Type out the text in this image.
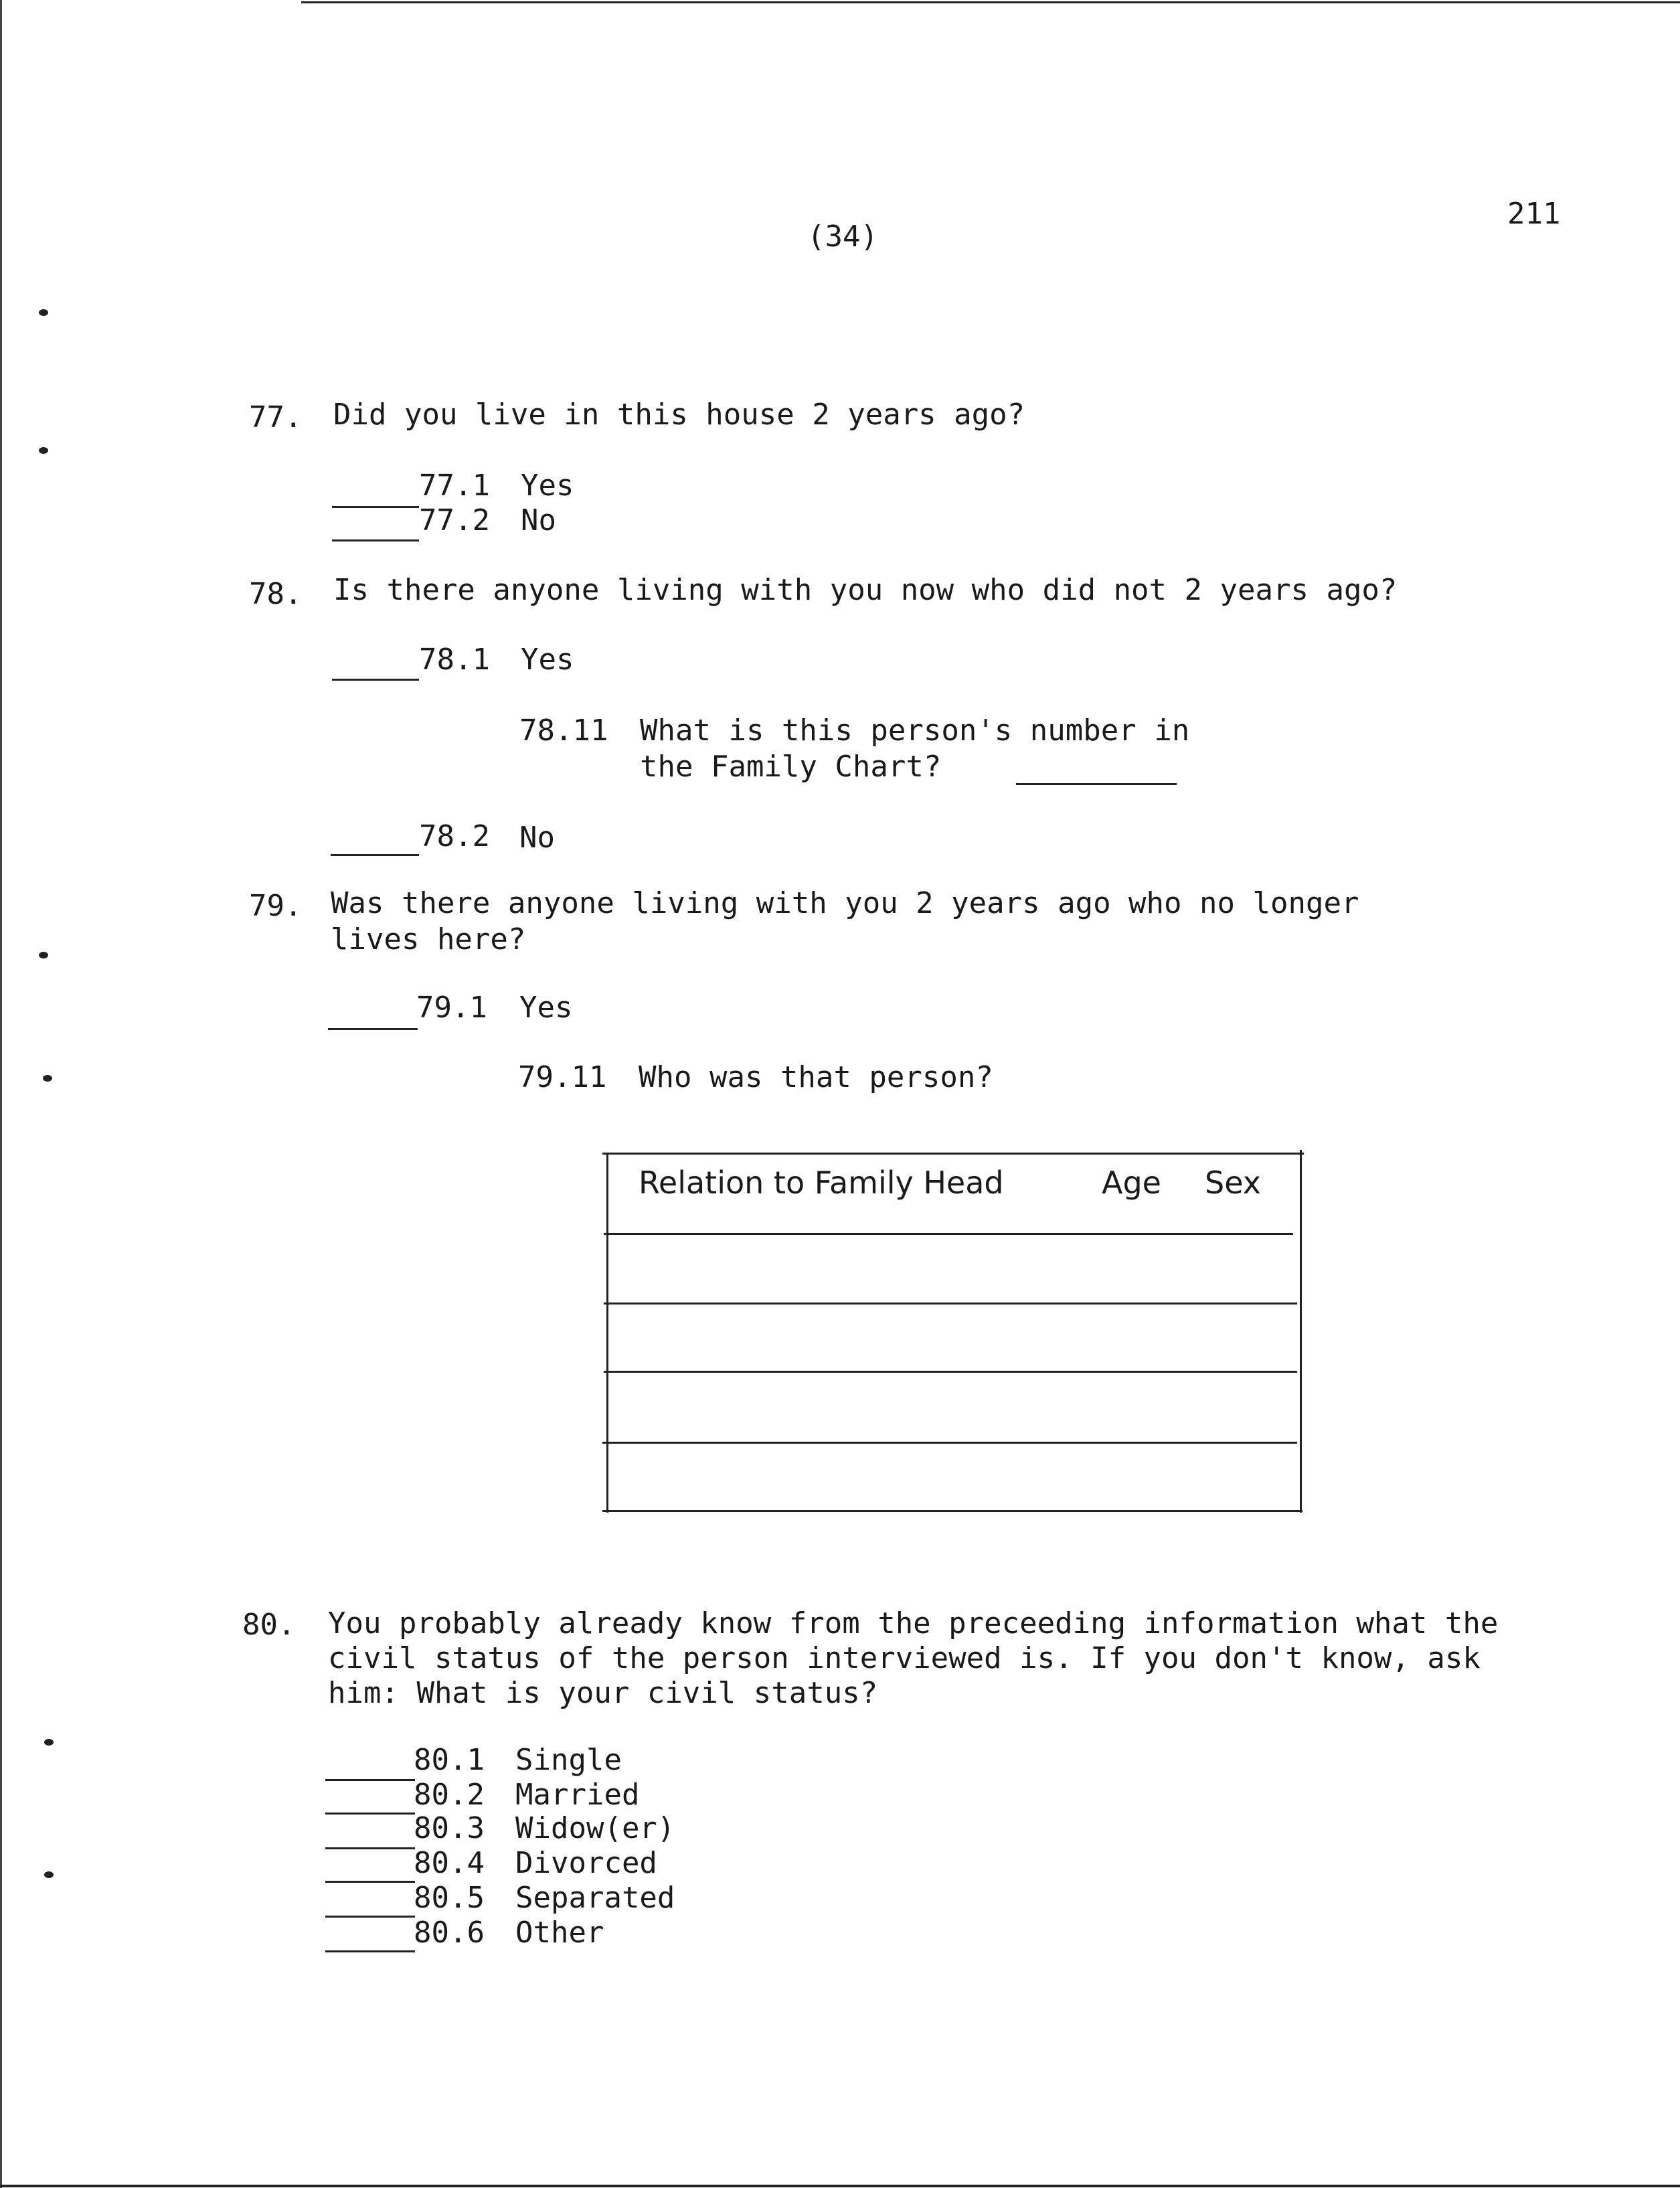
(34)
211
77. Did you live in this house 2 years ago?
77.1 Yes
77.2 No
78. Is there anyone living with you now who did not 2 years ago?
78.1 Yes
78.11 What is this person's number in
the Family Chart?
78.2 No
79. Was there anyone living with you 2 years ago who no longer
lives here?
79.1 Yes
79.11 Who was that person?
Relation to Family Head	Age Sex
80. You probably already know from the preceeding information what the
civil status of the person interviewed is. If you don't know, ask
him: What is your civil status?
80.1 Single
80.2 Married
80.3 Widow(er)
80.4 Divorced
80.5 Separated
80.6 Other
